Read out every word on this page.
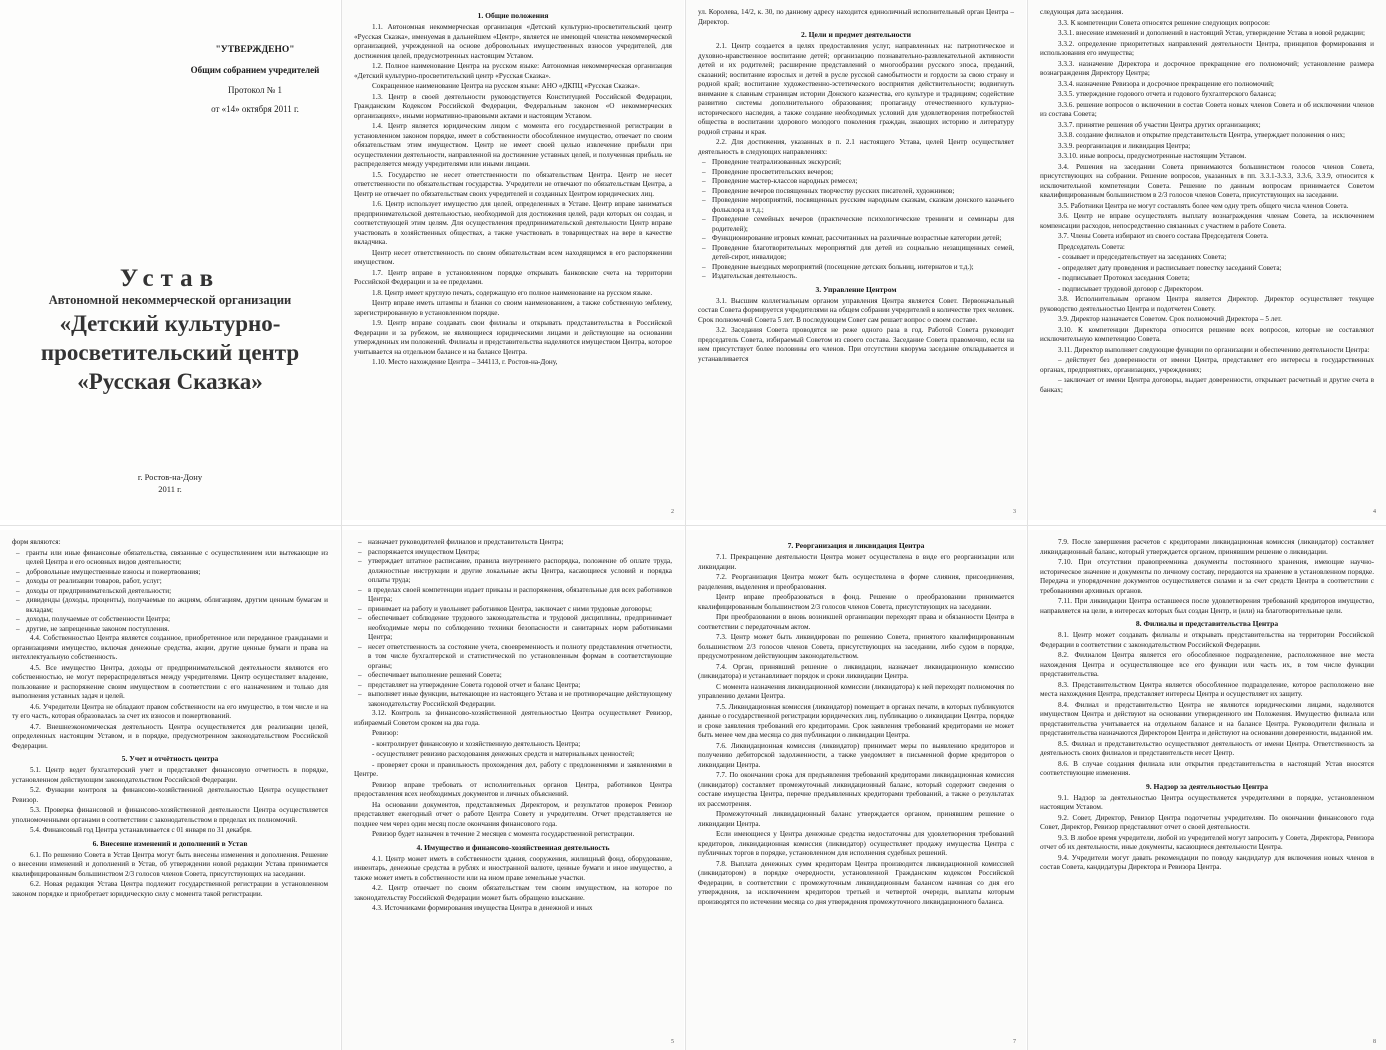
"УТВЕРЖДЕНО"
Общим собранием учредителей
Протокол № 1
от «14» октября 2011 г.
Устав
Автономной некоммерческой организации
«Детский культурно-
просветительский центр
«Русская Сказка»
г. Ростов-на-Дону
2011 г.
1. Общие положения

1.1. Автономная некоммерческая организация «Детский культурно-просветительский центр «Русская Сказка», именуемая в дальнейшем «Центр», является не имеющей членства некоммерческой организацией, учрежденной на основе добровольных имущественных взносов учредителей, для достижения целей, предусмотренных настоящим Уставом.

1.2. Полное наименование Центра на русском языке: Автономная некоммерческая организация «Детский культурно-просветительский центр «Русская Сказка».

Сокращенное наименование Центра на русском языке: АНО «ДКПЦ «Русская Сказка».

1.3. Центр в своей деятельности руководствуется Конституцией Российской Федерации, Гражданским Кодексом Российской Федерации, Федеральным законом «О некоммерческих организациях», иными нормативно-правовыми актами и настоящим Уставом.

1.4. Центр является юридическим лицом с момента его государственной регистрации в установленном законом порядке, имеет в собственности обособленное имущество, отвечает по своим обязательствам этим имуществом. Центр не имеет своей целью извлечение прибыли при осуществлении деятельности, направленной на достижение уставных целей, и полученная прибыль не распределяется между учредителями или иными лицами.

1.5. Государство не несет ответственности по обязательствам Центра. Центр не несет ответственности по обязательствам государства. Учредители не отвечают по обязательствам Центра, а Центр не отвечает по обязательствам своих учредителей и созданных Центром юридических лиц.

1.6. Центр использует имущество для целей, определенных в Уставе. Центр вправе заниматься предпринимательской деятельностью, необходимой для достижения целей, ради которых он создан, и соответствующей этим целям. Для осуществления предпринимательской деятельности Центр вправе участвовать в хозяйственных обществах, а также участвовать в товариществах на вере в качестве вкладчика.

Центр несет ответственность по своим обязательствам всем находящимся в его распоряжении имуществом.

1.7. Центр вправе в установленном порядке открывать банковские счета на территории Российской Федерации и за ее пределами.

1.8. Центр имеет круглую печать, содержащую его полное наименование на русском языке.

Центр вправе иметь штампы и бланки со своим наименованием, а также собственную эмблему, зарегистрированную в установленном порядке.

1.9. Центр вправе создавать свои филиалы и открывать представительства в Российской Федерации и за рубежом, не являющиеся юридическими лицами и действующие на основании утвержденных им положений. Филиалы и представительства наделяются имуществом Центра, которое учитывается на отдельном балансе и на балансе Центра.

1.10. Место нахождение Центра – 344113, г. Ростов-на-Дону,

2

ул. Королева, 14/2, к. 30, по данному адресу находится единоличный исполнительный орган Центра – Директор.

2. Цели и предмет деятельности

2.1. Центр создается в целях предоставления услуг, направленных на: патриотическое и духовно-нравственное воспитание детей; организацию познавательно-развлекательной активности детей и их родителей; расширение представлений о многообразии русского эпоса, преданий, сказаний; воспитание взрослых и детей в русле русской самобытности и гордости за свою страну и родной край; воспитание художественно-эстетического восприятия действительности; водвигнуть внимание к славным страницам истории Донского казачества, его культуре и традициям; содействие развитию системы дополнительного образования; пропаганду отечественного культурно-исторического наследия, а также создание необходимых условий для удовлетворения потребностей общества в воспитании здорового молодого поколения граждан, знающих историю и литературу родной страны и края.

2.2. Для достижения, указанных в п. 2.1 настоящего Устава, целей Центр осуществляет деятельность в следующих направлениях:

– Проведение театрализованных экскурсий;
– Проведение просветительских вечеров;
– Проведение мастер-классов народных ремесел;
– Проведение вечеров посвященных творчеству русских писателей, художников;
– Проведение мероприятий, посвященных русским народным сказкам, сказкам донского казачьего фольклора и т.д.;
– Проведение семейных вечеров (практические психологические тренинги и семинары для родителей);
– Функционирование игровых комнат, рассчитанных на различные возрастные категории детей;
– Проведение благотворительных мероприятий для детей из социально незащищенных семей, детей-сирот, инвалидов;
– Проведение выездных мероприятий (посещение детских больниц, интернатов и т.д.);
– Издательская деятельность.
3. Управление Центром

3.1. Высшим коллегиальным органом управления Центра является Совет. Первоначальный состав Совета формируется учредителями на общем собрании учредителей в количестве трех человек. Срок полномочий Совета 5 лет. В последующем Совет сам решает вопрос о своем составе.

3.2. Заседания Совета проводятся не реже одного раза в год. Работой Совета руководит председатель Совета, избираемый Советом из своего состава. Заседание Совета правомочно, если на нем присутствует более половины его членов. При отсутствии кворума заседание откладывается и устанавливается

3

следующая дата заседания.

3.3. К компетенции Совета относятся решение следующих вопросов:

3.3.1. внесение изменений и дополнений в настоящий Устав, утверждение Устава в новой редакции;

3.3.2. определение приоритетных направлений деятельности Центра, принципов формирования и использования его имущества;

3.3.3. назначение Директора и досрочное прекращение его полномочий; установление размера вознаграждения Директору Центра;

3.3.4. назначение Ревизора и досрочное прекращение его полномочий;

3.3.5. утверждение годового отчета и годового бухгалтерского баланса;

3.3.6. решение вопросов о включении в состав Совета новых членов Совета и об исключении членов из состава Совета;

3.3.7. принятие решения об участии Центра других организациях;

3.3.8. создание филиалов и открытие представительств Центра, утверждает положения о них;

3.3.9. реорганизация и ликвидация Центра;

3.3.10. иные вопросы, предусмотренные настоящим Уставом.

3.4. Решения на заседании Совета принимаются большинством голосов членов Совета, присутствующих на собрании. Решение вопросов, указанных в пп. 3.3.1-3.3.3, 3.3.6, 3.3.9, относится к исключительной компетенции Совета. Решение по данным вопросам принимается Советом квалифицированным большинством в 2/3 голосов членов Совета, присутствующих на заседании.

3.5. Работники Центра не могут составлять более чем одну треть общего числа членов Совета.

3.6. Центр не вправе осуществлять выплату вознаграждения членам Совета, за исключением компенсации расходов, непосредственно связанных с участием в работе Совета.

3.7. Члены Совета избирают из своего состава Председателя Совета.

Председатель Совета:

- созывает и председательствует на заседаниях Совета;

- определяет дату проведения и расписывает повестку заседаний Совета;

- подписывает Протокол заседания Совета;

- подписывает трудовой договор с Директором.

3.8. Исполнительным органом Центра является Директор. Директор осуществляет текущее руководство деятельностью Центра и подотчетен Совету.

3.9. Директор назначается Советом. Срок полномочий Директора – 5 лет.

3.10. К компетенции Директора относится решение всех вопросов, которые не составляют исключительную компетенцию Совета.

3.11. Директор выполняет следующие функции по организации и обеспечению деятельности Центра:

– действует без доверенности от имени Центра, представляет его интересы в государственных органах, предприятиях, организациях, учреждениях;

– заключает от имени Центра договоры, выдает доверенности, открывает расчетный и другие счета в банках;

4

форм являются:

– гранты или иные финансовые обязательства, связанные с осуществлением или вытекающие из целей Центра и его основных видов деятельности;
– добровольные имущественные взносы и пожертвования;
– доходы от реализации товаров, работ, услуг;
– доходы от предпринимательской деятельности;
– дивиденды (доходы, проценты), получаемые по акциям, облигациям, другим ценным бумагам и вкладам;
– доходы, получаемые от собственности Центра;
– другие, не запрещенные законом поступления.

4.4. Собственностью Центра является созданное, приобретенное или переданное гражданами и организациями имущество, включая денежные средства, акции, другие ценные бумаги и права на интеллектуальную собственность.

4.5. Все имущество Центра, доходы от предпринимательской деятельности являются его собственностью, не могут перераспределяться между учредителями. Центр осуществляет владение, пользование и распоряжение своим имуществом в соответствии с его назначением и только для выполнения уставных задач и целей.

4.6. Учредители Центра не обладают правом собственности на его имущество, в том числе и на ту его часть, которая образовалась за счет их взносов и пожертвований.

4.7. Внешнеэкономическая деятельность Центра осуществляется для реализации целей, определенных настоящим Уставом, и в порядке, предусмотренном законодательством Российской Федерации.

5. Учет и отчётность центра

5.1. Центр ведет бухгалтерский учет и представляет финансовую отчетность в порядке, установленном действующим законодательством Российской Федерации.

5.2. Функции контроля за финансово-хозяйственной деятельностью Центра осуществляет Ревизор.

5.3. Проверка финансовой и финансово-хозяйственной деятельности Центра осуществляется уполномоченными органами в соответствии с законодательством в пределах их полномочий.

5.4. Финансовый год Центра устанавливается с 01 января по 31 декабря.

6. Внесение изменений и дополнений в Устав

6.1. По решению Совета в Устав Центра могут быть внесены изменения и дополнения. Решение о внесении изменений и дополнений в Устав, об утверждении новой редакции Устава принимается квалифицированным большинством 2/3 голосов членов Совета, присутствующих на заседании.

6.2. Новая редакция Устава Центра подлежит государственной регистрации в установленном законом порядке и приобретает юридическую силу с момента такой регистрации.

– назначает руководителей филиалов и представительств Центра;
– распоряжается имуществом Центра;
– утверждает штатное расписание, правила внутреннего распорядка, положение об оплате труда, должностные инструкции и другие локальные акты Центра, касающиеся условий и порядка оплаты труда;
– в пределах своей компетенции издает приказы и распоряжения, обязательные для всех работников Центра;
– принимает на работу и увольняет работников Центра, заключает с ними трудовые договоры;
– обеспечивает соблюдение трудового законодательства и трудовой дисциплины, предпринимает необходимые меры по соблюдению техники безопасности и санитарных норм работниками Центра;
– несет ответственность за состояние учета, своевременность и полноту представления отчетности, в том числе бухгалтерской и статистической по установленным формам в соответствующие органы;
– обеспечивает выполнение решений Совета;
– представляет на утверждение Совета годовой отчет и баланс Центра;
– выполняет иные функции, вытекающие из настоящего Устава и не противоречащие действующему законодательству Российской Федерации.

3.12. Контроль за финансово-хозяйственной деятельностью Центра осуществляет Ревизор, избираемый Советом сроком на два года.

Ревизор:

- контролирует финансовую и хозяйственную деятельность Центра;

- осуществляет ревизию расходования денежных средств и материальных ценностей;

- проверяет сроки и правильность прохождения дел, работу с предложениями и заявлениями в Центре.

Ревизор вправе требовать от исполнительных органов Центра, работников Центра предоставления всех необходимых документов и личных объяснений.

На основании документов, представляемых Директором, и результатов проверок Ревизор представляет ежегодный отчет о работе Центра Совету и учредителям. Отчет представляется не позднее чем через один месяц после окончания финансового года.

Ревизор будет назначен в течение 2 месяцев с момента государственной регистрации.

4. Имущество и финансово-хозяйственная деятельность

4.1. Центр может иметь в собственности здания, сооружения, жилищный фонд, оборудование, инвентарь, денежные средства в рублях и иностранной валюте, ценные бумаги и иное имущество, а также может иметь в собственности или на ином праве земельные участки.

4.2. Центр отвечает по своим обязательствам тем своим имуществом, на которое по законодательству Российской Федерации может быть обращено взыскание.

4.3. Источниками формирования имущества Центра в денежной и иных

5
7. Реорганизация и ликвидация Центра

7.1. Прекращение деятельности Центра может осуществлена в виде его реорганизации или ликвидации.

7.2. Реорганизация Центра может быть осуществлена в форме слияния, присоединения, разделения, выделения и преобразования.

Центр вправе преобразоваться в фонд. Решение о преобразовании принимается квалифицированным большинством 2/3 голосов членов Совета, присутствующих на заседании.

При преобразовании в вновь возникшей организации переходят права и обязанности Центра в соответствии с передаточным актом.

7.3. Центр может быть ликвидирован по решению Совета, принятого квалифицированным большинством 2/3 голосов членов Совета, присутствующих на заседании, либо судом в порядке, предусмотренном действующим законодательством.

7.4. Орган, принявший решение о ликвидации, назначает ликвидационную комиссию (ликвидатора) и устанавливает порядок и сроки ликвидации Центра.

С момента назначения ликвидационной комиссии (ликвидатора) к ней переходят полномочия по управлению делами Центра.

7.5. Ликвидационная комиссия (ликвидатор) помещает в органах печати, в которых публикуются данные о государственной регистрации юридических лиц, публикацию о ликвидации Центра, порядке и сроке заявления требований его кредиторами. Срок заявления требований кредиторами не может быть менее чем два месяца со дня публикации о ликвидации Центра.

7.6. Ликвидационная комиссия (ликвидатор) принимает меры по выявлению кредиторов и получению дебиторской задолженности, а также уведомляет в письменной форме кредиторов о ликвидации Центра.

7.7. По окончании срока для предъявления требований кредиторами ликвидационная комиссия (ликвидатор) составляет промежуточный ликвидационный баланс, который содержит сведения о составе имущества Центра, перечне предъявленных кредиторами требований, а также о результатах их рассмотрения.

Промежуточный ликвидационный баланс утверждается органом, принявшим решение о ликвидации Центра.

Если имеющиеся у Центра денежные средства недостаточны для удовлетворения требований кредиторов, ликвидационная комиссия (ликвидатор) осуществляет продажу имущества Центра с публичных торгов в порядке, установленном для исполнения судебных решений.

7.8. Выплата денежных сумм кредиторам Центра производится ликвидационной комиссией (ликвидатором) в порядке очередности, установленной Гражданским кодексом Российской Федерации, в соответствии с промежуточным ликвидационным балансом начиная со дня его утверждения, за исключением кредиторов третьей и четвертой очереди, выплаты которым производятся по истечении месяца со дня утверждения промежуточного ликвидационного баланса.

7

7.9. После завершения расчетов с кредиторами ликвидационная комиссия (ликвидатор) составляет ликвидационный баланс, который утверждается органом, принявшим решение о ликвидации.

7.10. При отсутствии правопреемника документы постоянного хранения, имеющие научно-историческое значение и документы по личному составу, передаются на хранение в установленном порядке. Передача и упорядочение документов осуществляется силами и за счет средств Центра в соответствии с требованиями архивных органов.

7.11. При ликвидации Центра оставшееся после удовлетворения требований кредиторов имущество, направляется на цели, в интересах которых был создан Центр, и (или) на благотворительные цели.

8. Филиалы и представительства Центра

8.1. Центр может создавать филиалы и открывать представительства на территории Российской Федерации в соответствии с законодательством Российской Федерации.

8.2. Филиалом Центра является его обособленное подразделение, расположенное вне места нахождения Центра и осуществляющее все его функции или часть их, в том числе функции представительства.

8.3. Представительством Центра является обособленное подразделение, которое расположено вне места нахождения Центра, представляет интересы Центра и осуществляет их защиту.

8.4. Филиал и представительство Центра не являются юридическими лицами, наделяются имуществом Центра и действуют на основании утвержденного им Положения. Имущество филиала или представительства учитывается на отдельном балансе и на балансе Центра. Руководители филиала и представительства назначаются Директором Центра и действуют на основании доверенности, выданной им.

8.5. Филиал и представительство осуществляют деятельность от имени Центра. Ответственность за деятельность своих филиалов и представительств несет Центр.

8.6. В случае создания филиала или открытия представительства в настоящий Устав вносятся соответствующие изменения.

9. Надзор за деятельностью Центра

9.1. Надзор за деятельностью Центра осуществляется учредителями в порядке, установленном настоящим Уставом.

9.2. Совет, Директор, Ревизор Центра подотчетны учредителям. По окончании финансового года Совет, Директор, Ревизор представляют отчет о своей деятельности.

9.3. В любое время учредители, любой из учредителей могут запросить у Совета, Директора, Ревизора отчет об их деятельности, иные документы, касающиеся деятельности Центра.

9.4. Учредители могут давать рекомендации по поводу кандидатур для включения новых членов в состав Совета, кандидатуры Директора и Ревизора Центра.

8
